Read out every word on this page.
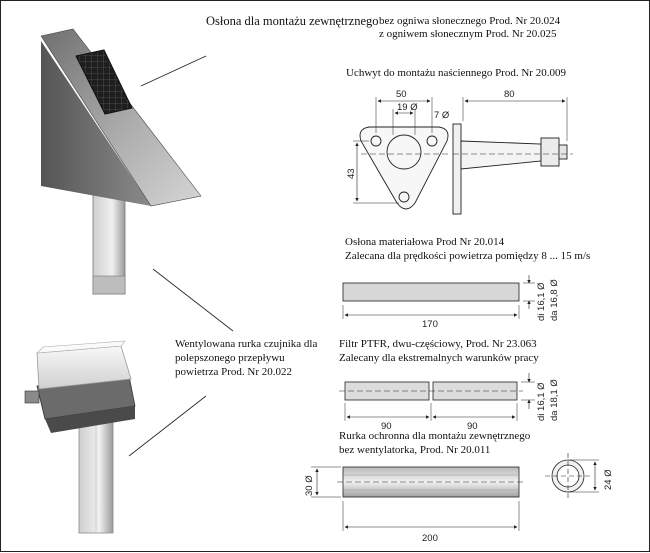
50
19 Ø
7 Ø
80
43
170
di 16,1 Ø da 16,8 Ø
90	90
di 16,1 Ø da 18,1 Ø
30 Ø
200
24 Ø
Osłona dla montażu zewnętrznego bez ogniwa słonecznego Prod. Nr 20.024
z ogniwem słonecznym Prod. Nr 20.025
Uchwyt do montażu naściennego Prod. Nr 20.009
Osłona materiałowa Prod Nr 20.014
Zalecana dla prędkości powietrza pomiędzy 8 ... 15 m/s
Wentylowana rurka czujnika dla
polepszonego przepływu
powietrza Prod. Nr 20.022
Filtr PTFR, dwu-częściowy, Prod. Nr 23.063
Zalecany dla ekstremalnych warunków pracy
Rurka ochronna dla montażu zewnętrznego
bez wentylatorka, Prod. Nr 20.011
